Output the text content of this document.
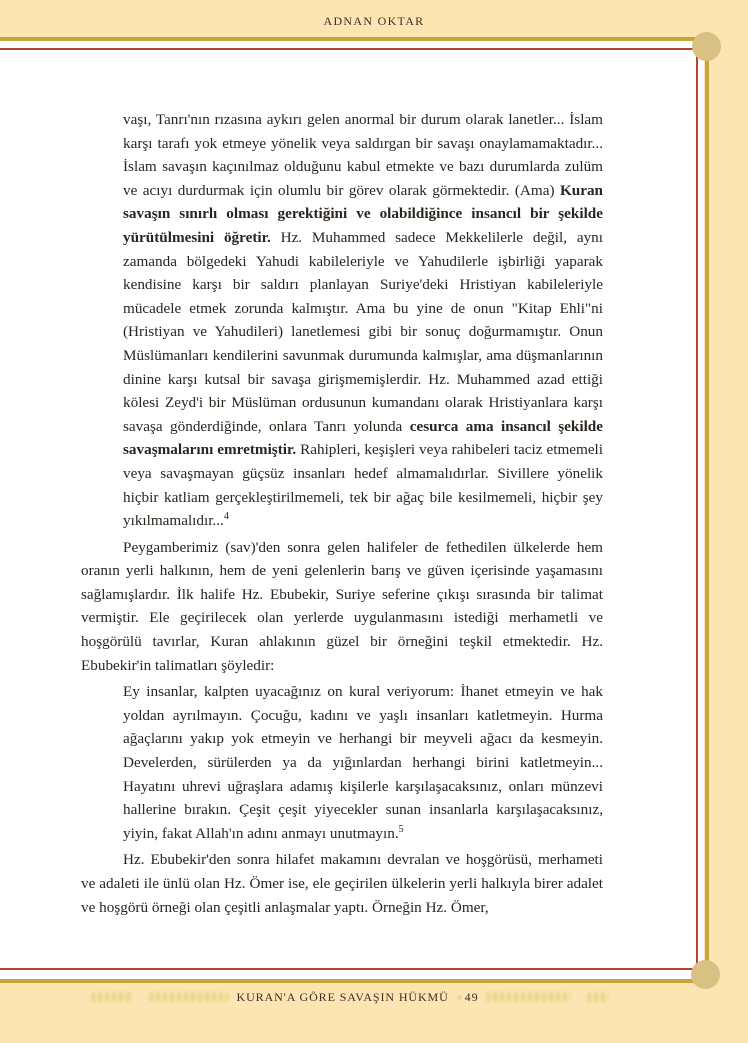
ADNAN OKTAR

vaşı, Tanrı'nın rızasına aykırı gelen anormal bir durum olarak lanetler... İslam karşı tarafı yok etmeye yönelik veya saldırgan bir savaşı onaylamamaktadır... İslam savaşın kaçınılmaz olduğunu kabul etmekte ve bazı durumlarda zulüm ve acıyı durdurmak için olumlu bir görev olarak görmektedir. (Ama) Kuran savaşın sınırlı olması gerektiğini ve olabildiğince insancıl bir şekilde yürütülmesini öğretir. Hz. Muhammed sadece Mekkelilerle değil, aynı zamanda bölgedeki Yahudi kabileleriyle ve Yahudilerle işbirliği yaparak kendisine karşı bir saldırı planlayan Suriye'deki Hristiyan kabileleriyle mücadele etmek zorunda kalmıştır. Ama bu yine de onun "Kitap Ehli"ni (Hristiyan ve Yahudileri) lanetlemesi gibi bir sonuç doğurmamıştır. Onun Müslümanları kendilerini savunmak durumunda kalmışlar, ama düşmanlarının dinine karşı kutsal bir savaşa girişmemişlerdir. Hz. Muhammed azad ettiği kölesi Zeyd'i bir Müslüman ordusunun kumandanı olarak Hristiyanlara karşı savaşa gönderdiğinde, onlara Tanrı yolunda cesurca ama insancıl şekilde savaşmalarını emretmiştir. Rahipleri, keşişleri veya rahibeleri taciz etmemeli veya savaşmayan güçsüz insanları hedef almamalıdırlar. Sivillere yönelik hiçbir katliam gerçekleştirilmemeli, tek bir ağaç bile kesilmemeli, hiçbir şey yıkılmamalıdır...$^4$

Peygamberimiz (sav)'den sonra gelen halifeler de fethedilen ülkelerde hem oranın yerli halkının, hem de yeni gelenlerin barış ve güven içerisinde yaşamasını sağlamışlardır. İlk halife Hz. Ebubekir, Suriye seferine çıkışı sırasında bir talimat vermiştir. Ele geçirilecek olan yerlerde uygulanmasını istediği merhametli ve hoşgörülü tavırlar, Kuran ahlakının güzel bir örneğini teşkil etmektedir. Hz. Ebubekir'in talimatları şöyledir:

Ey insanlar, kalpten uyacağınız on kural veriyorum: İhanet etmeyin ve hak yoldan ayrılmayın. Çocuğu, kadını ve yaşlı insanları katletmeyin. Hurma ağaçlarını yakıp yok etmeyin ve herhangi bir meyveli ağacı da kesmeyin. Develerden, sürülerden ya da yığınlardan herhangi birini katletmeyin... Hayatını uhrevi uğraşlara adamış kişilerle karşılaşacaksınız, onları münzevi hallerine bırakın. Çeşit çeşit yiyecekler sunan insanlarla karşılaşacaksınız, yiyin, fakat Allah'ın adını anmayı unutmayın.$^5$

Hz. Ebubekir'den sonra hilafet makamını devralan ve hoşgörüsü, merhameti ve adaleti ile ünlü olan Hz. Ömer ise, ele geçirilen ülkelerin yerli halkıyla birer adalet ve hoşgörü örneği olan çeşitli anlaşmalar yaptı. Örneğin Hz. Ömer,

KURAN'A GÖRE SAVAŞIN HÜKMÜ 49
